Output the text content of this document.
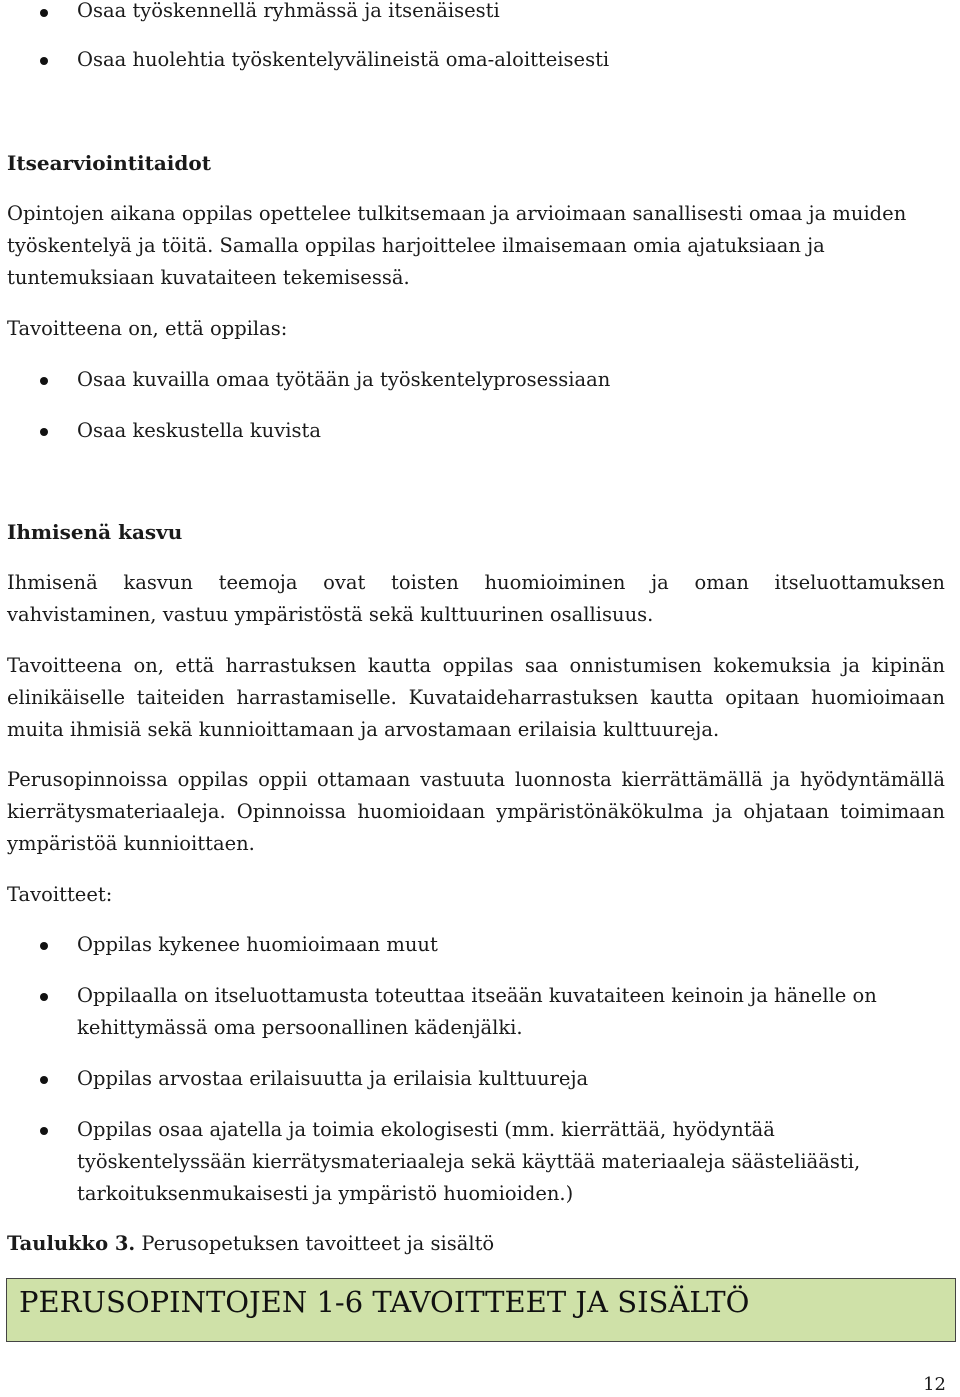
Osaa työskennellä ryhmässä ja itsenäisesti
Osaa huolehtia työskentelyvälineistä oma-aloitteisesti
Itsearviointitaidot
Opintojen aikana oppilas opettelee tulkitsemaan ja arvioimaan sanallisesti omaa ja muiden
työskentelyä ja töitä. Samalla oppilas harjoittelee ilmaisemaan omia ajatuksiaan ja
tuntemuksiaan kuvataiteen tekemisessä.
Tavoitteena on, että oppilas:
Osaa kuvailla omaa työtään ja työskentelyprosessiaan
Osaa keskustella kuvista
Ihmisenä kasvu
Ihmisenä kasvun teemoja ovat toisten huomioiminen ja oman itseluottamuksen
vahvistaminen, vastuu ympäristöstä sekä kulttuurinen osallisuus.
Tavoitteena on, että harrastuksen kautta oppilas saa onnistumisen kokemuksia ja kipinän
elinikäiselle taiteiden harrastamiselle. Kuvataideharrastuksen kautta opitaan huomioimaan
muita ihmisiä sekä kunnioittamaan ja arvostamaan erilaisia kulttuureja.
Perusopinnoissa oppilas oppii ottamaan vastuuta luonnosta kierrättämällä ja hyödyntämällä
kierrätysmateriaaleja. Opinnoissa huomioidaan ympäristönäkökulma ja ohjataan toimimaan
ympäristöä kunnioittaen.
Tavoitteet:
Oppilas kykenee huomioimaan muut
Oppilaalla on itseluottamusta toteuttaa itseään kuvataiteen keinoin ja hänelle on
kehittymässä oma persoonallinen kädenjälki.
Oppilas arvostaa erilaisuutta ja erilaisia kulttuureja
Oppilas osaa ajatella ja toimia ekologisesti (mm. kierrättää, hyödyntää
työskentelyssään kierrätysmateriaaleja sekä käyttää materiaaleja säästeliäästi,
tarkoituksenmukaisesti ja ympäristö huomioiden.)
Taulukko 3. Perusopetuksen tavoitteet ja sisältö
PERUSOPINTOJEN 1-6 TAVOITTEET JA SISÄLTÖ
12
